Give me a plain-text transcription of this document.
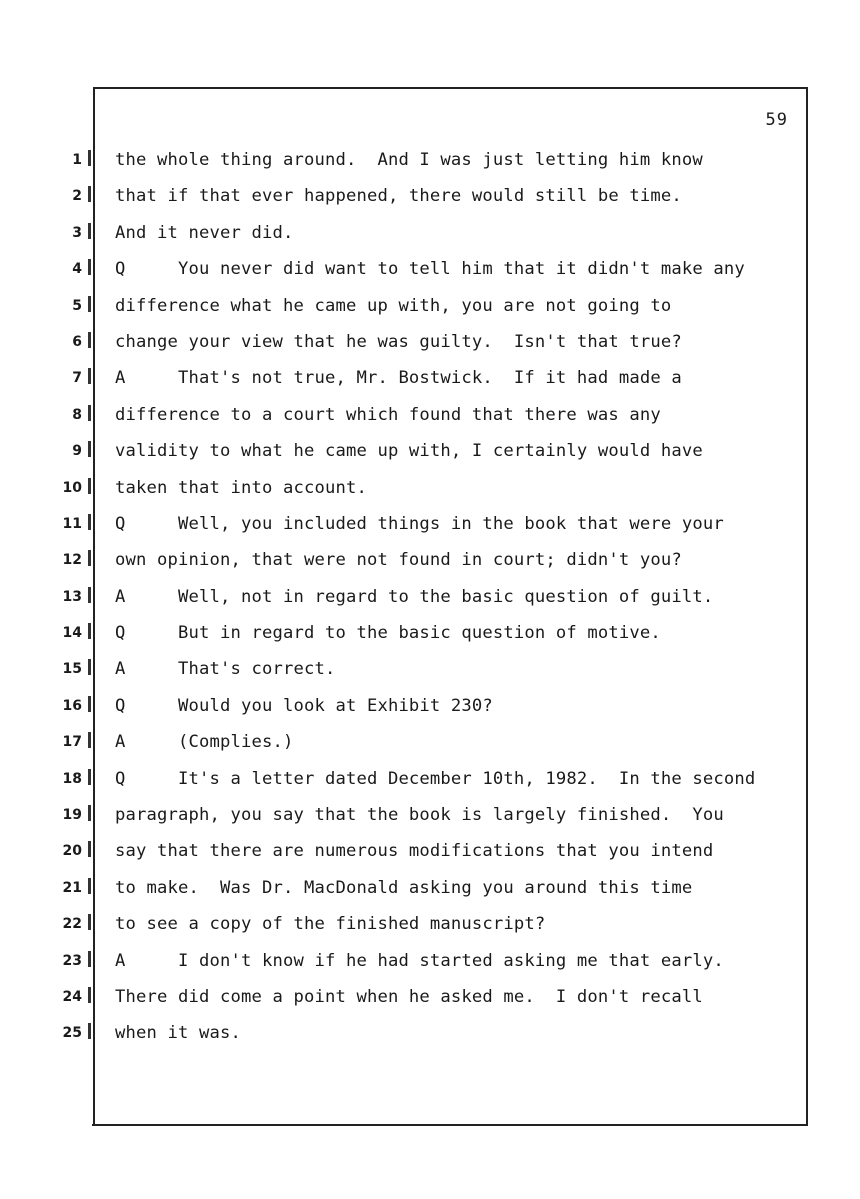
59
1
2
3
4
5
6
7
8
9
10
11
12
13
14
15
16
17
18
19
20
21
22
23
24
25
the whole thing around.  And I was just letting him know
that if that ever happened, there would still be time.
And it never did.
Q     You never did want to tell him that it didn't make any
difference what he came up with, you are not going to
change your view that he was guilty.  Isn't that true?
A     That's not true, Mr. Bostwick.  If it had made a
difference to a court which found that there was any
validity to what he came up with, I certainly would have
taken that into account.
Q     Well, you included things in the book that were your
own opinion, that were not found in court; didn't you?
A     Well, not in regard to the basic question of guilt.
Q     But in regard to the basic question of motive.
A     That's correct.
Q     Would you look at Exhibit 230?
A     (Complies.)
Q     It's a letter dated December 10th, 1982.  In the second
paragraph, you say that the book is largely finished.  You
say that there are numerous modifications that you intend
to make.  Was Dr. MacDonald asking you around this time
to see a copy of the finished manuscript?
A     I don't know if he had started asking me that early.
There did come a point when he asked me.  I don't recall
when it was.
